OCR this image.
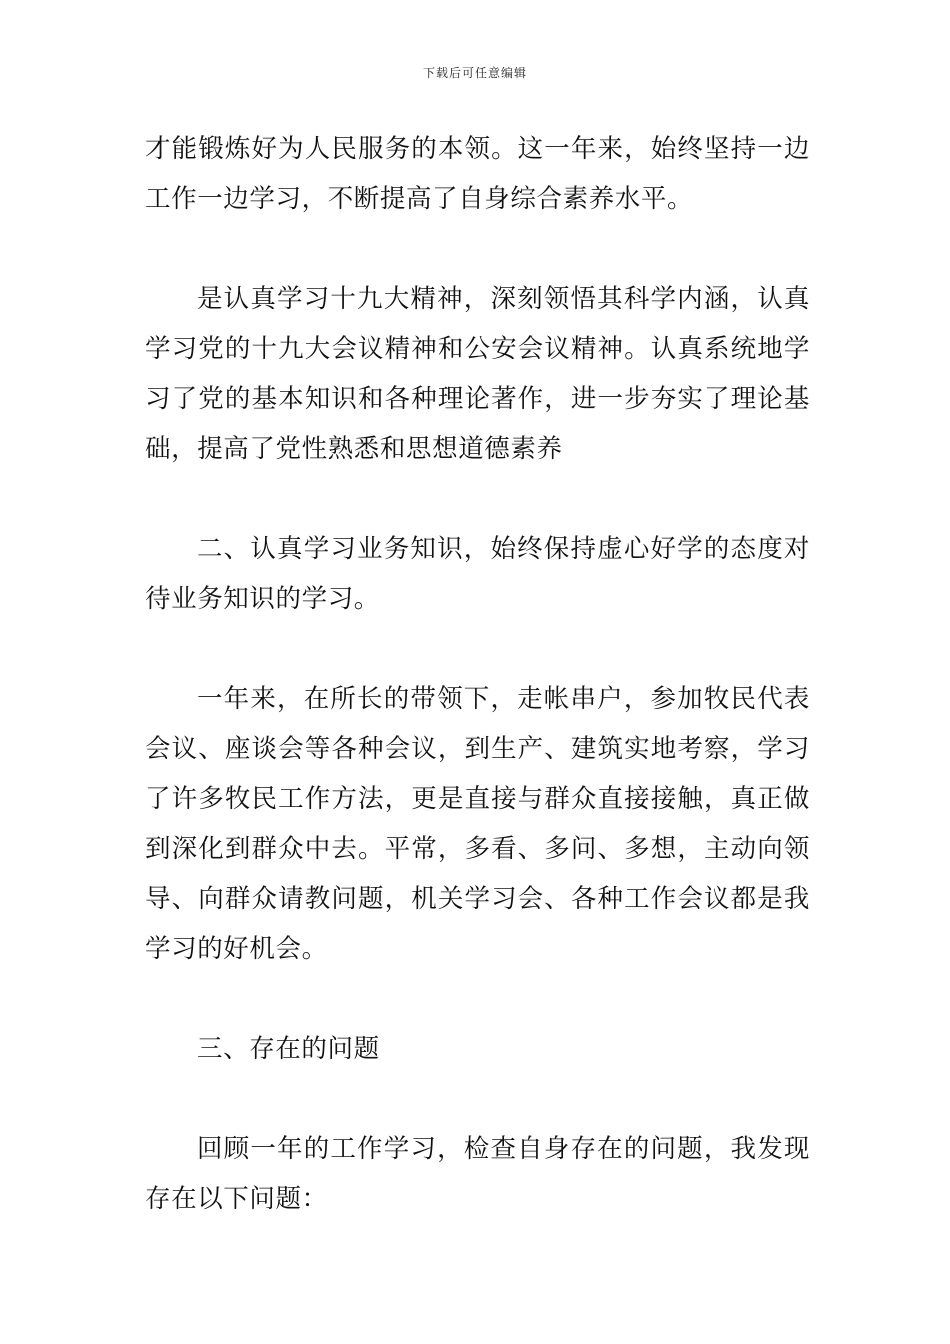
下载后可任意编辑

才能锻炼好为人民服务的本领。这一年来，始终坚持一边工作一边学习，不断提高了自身综合素养水平。

是认真学习十九大精神，深刻领悟其科学内涵，认真学习党的十九大会议精神和公安会议精神。认真系统地学习了党的基本知识和各种理论著作，进一步夯实了理论基础，提高了党性熟悉和思想道德素养

二、认真学习业务知识，始终保持虚心好学的态度对待业务知识的学习。

一年来，在所长的带领下，走帐串户，参加牧民代表会议、座谈会等各种会议，到生产、建筑实地考察，学习了许多牧民工作方法，更是直接与群众直接接触，真正做到深化到群众中去。平常，多看、多问、多想，主动向领导、向群众请教问题，机关学习会、各种工作会议都是我学习的好机会。

三、存在的问题

回顾一年的工作学习，检查自身存在的问题，我发现存在以下问题：
